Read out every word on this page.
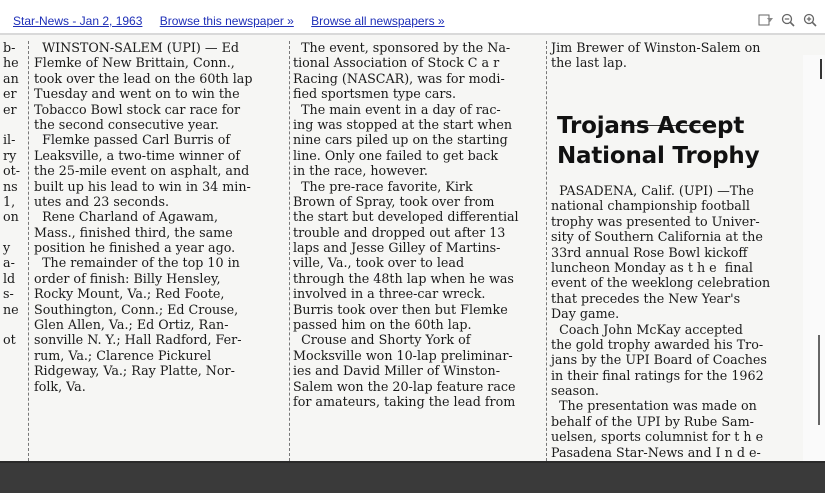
Star-News - Jan 2, 1963 Browse this newspaper » Browse all newspapers »
b-
he
an
er
er
il-
ry
ot-
ns
1,
on
y
a-
ld
s-
ne
ot
WINSTON-SALEM (UPI) — Ed
Flemke of New Brittain, Conn.,
took over the lead on the 60th lap
Tuesday and went on to win the
Tobacco Bowl stock car race for
the second consecutive year.
Flemke passed Carl Burris of
Leaksville, a two-time winner of
the 25-mile event on asphalt, and
built up his lead to win in 34 min-
utes and 23 seconds.
Rene Charland of Agawam,
Mass., finished third, the same
position he finished a year ago.
The remainder of the top 10 in
order of finish: Billy Hensley,
Rocky Mount, Va.; Red Foote,
Southington, Conn.; Ed Crouse,
Glen Allen, Va.; Ed Ortiz, Ran-
sonville N. Y.; Hall Radford, Fer-
rum, Va.; Clarence Pickurel
Ridgeway, Va.; Ray Platte, Nor-
folk, Va.
The event, sponsored by the Na-
tional Association of Stock C a r
Racing (NASCAR), was for modi-
fied sportsmen type cars.
The main event in a day of rac-
ing was stopped at the start when
nine cars piled up on the starting
line. Only one failed to get back
in the race, however.
The pre-race favorite, Kirk
Brown of Spray, took over from
the start but developed differential
trouble and dropped out after 13
laps and Jesse Gilley of Martins-
ville, Va., took over to lead
through the 48th lap when he was
involved in a three-car wreck.
Burris took over then but Flemke
passed him on the 60th lap.
Crouse and Shorty York of
Mocksville won 10-lap preliminar-
ies and David Miller of Winston-
Salem won the 20-lap feature race
for amateurs, taking the lead from
Jim Brewer of Winston-Salem on
the last lap.
Trojans Accept
National Trophy
PASADENA, Calif. (UPI) —The
national championship football
trophy was presented to Univer-
sity of Southern California at the
33rd annual Rose Bowl kickoff
luncheon Monday as t h e  final
event of the weeklong celebration
that precedes the New Year's
Day game.
Coach John McKay accepted
the gold trophy awarded his Tro-
jans by the UPI Board of Coaches
in their final ratings for the 1962
season.
The presentation was made on
behalf of the UPI by Rube Sam-
uelsen, sports columnist for t h e
Pasadena Star-News and I n d e-
